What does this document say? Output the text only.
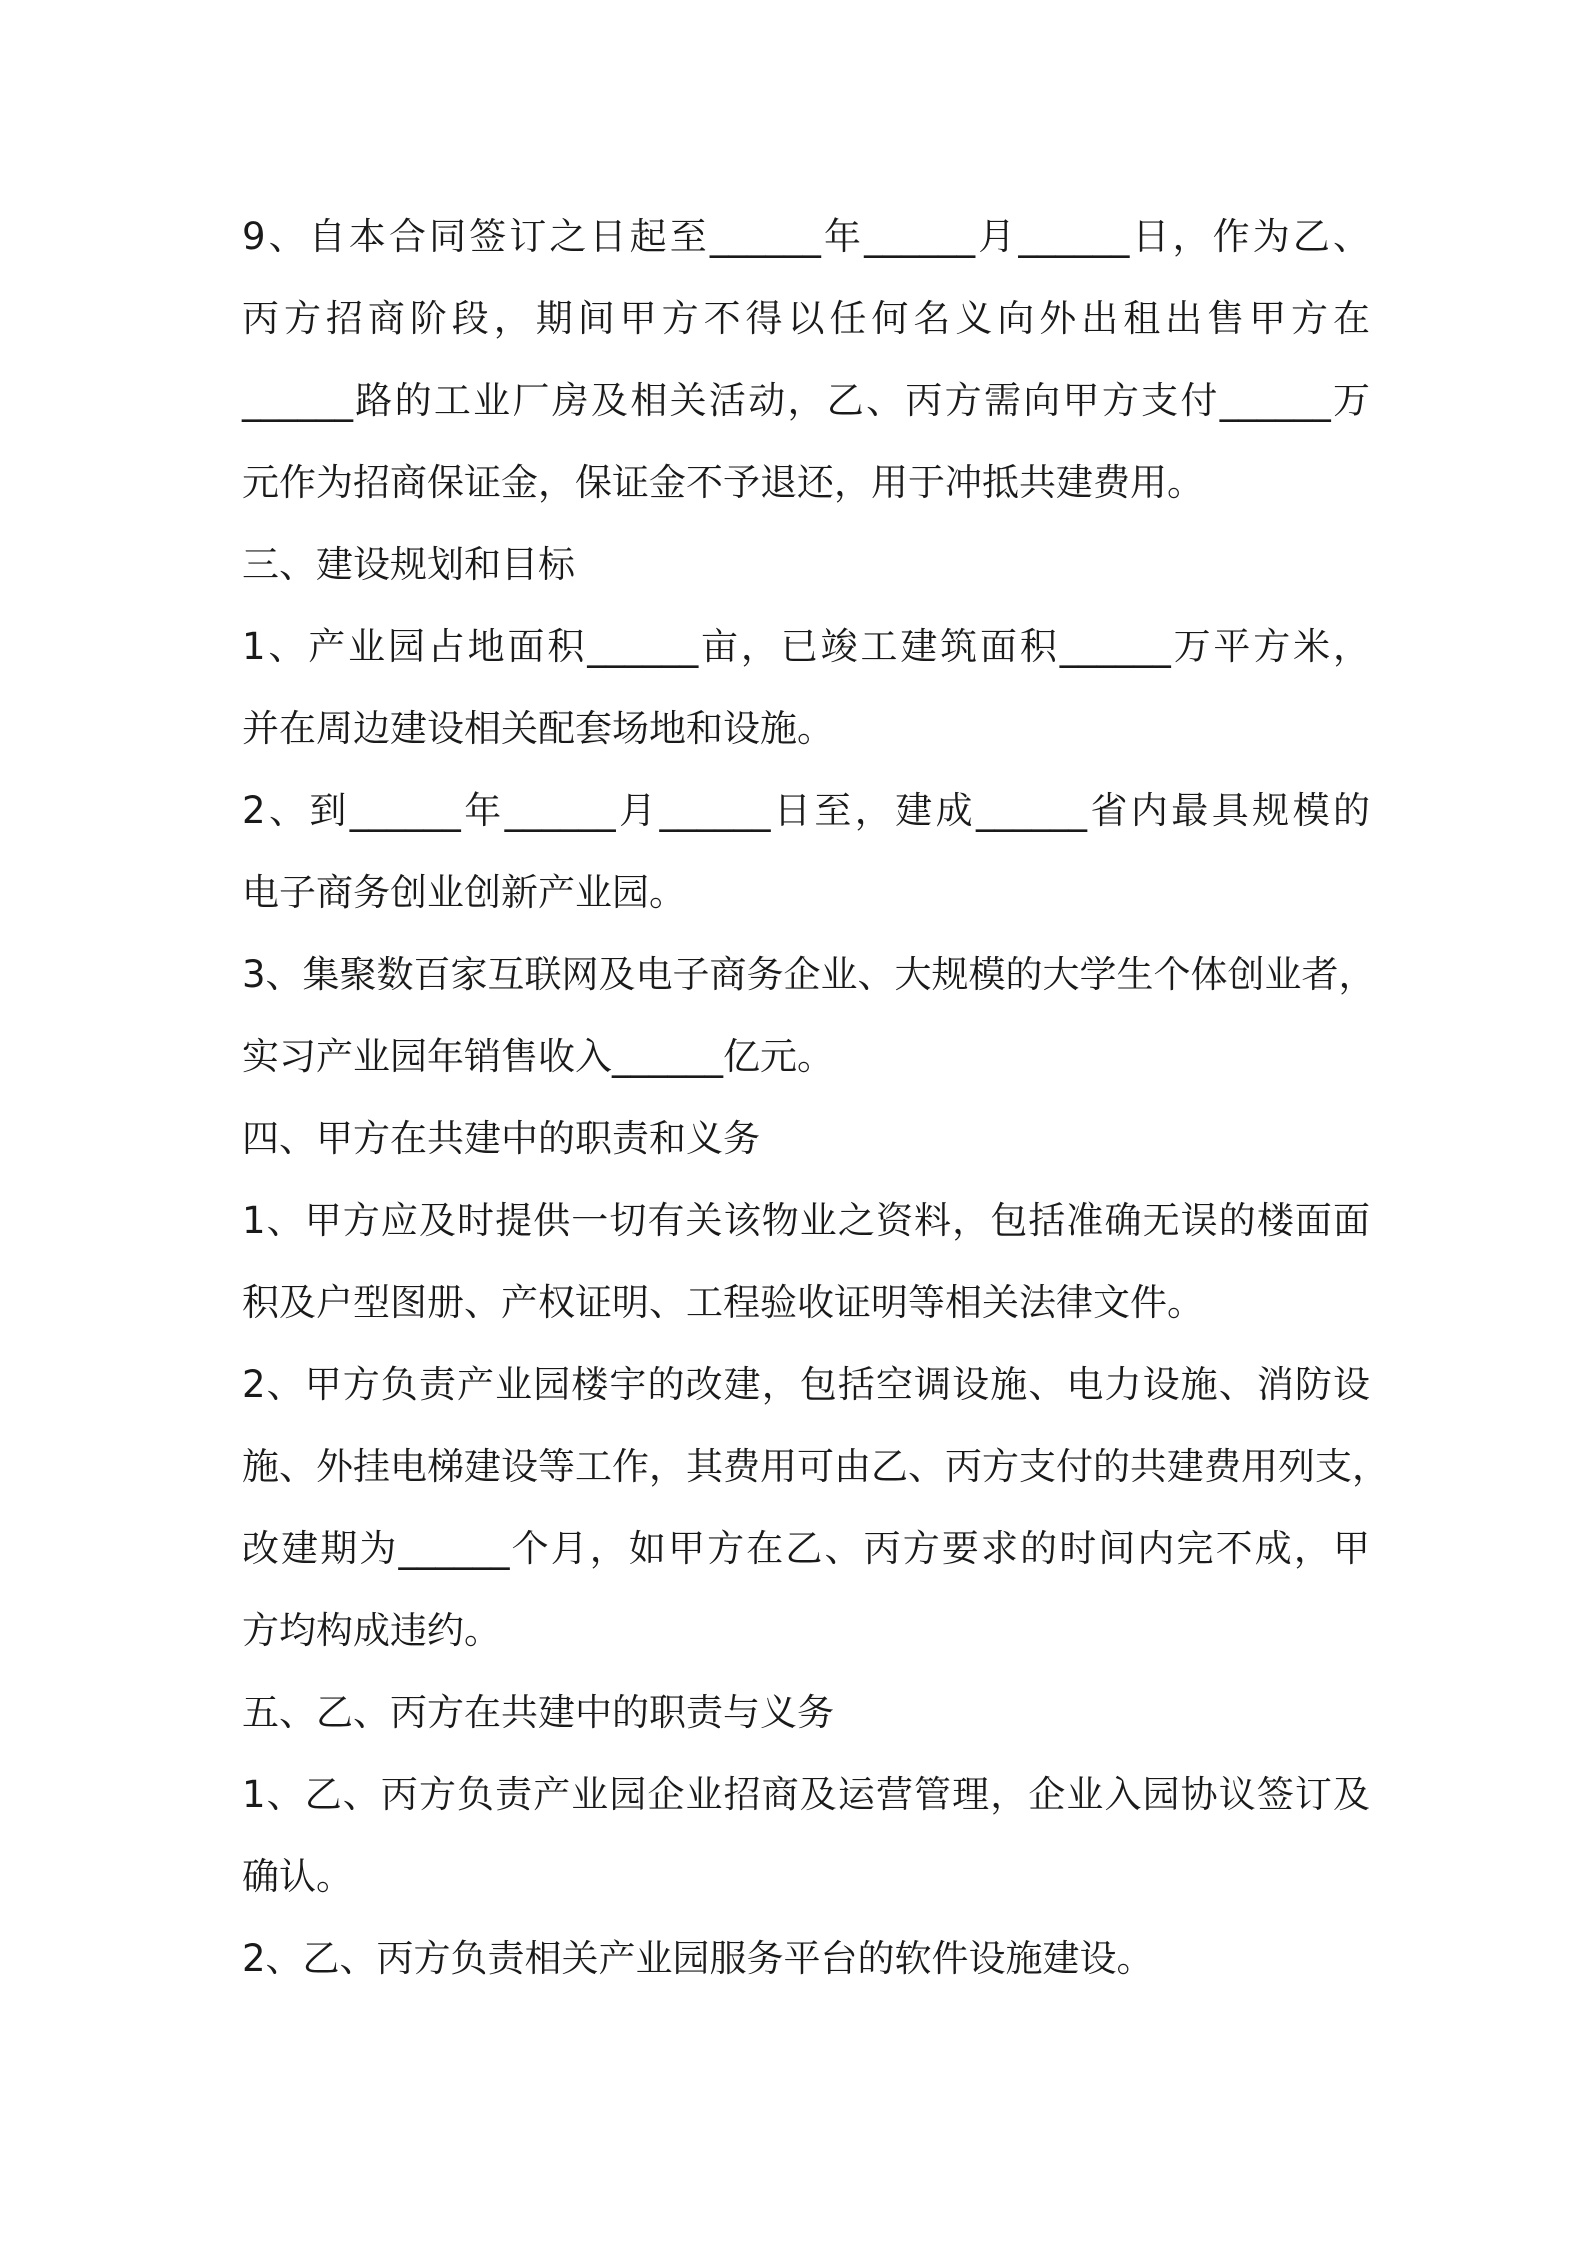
9、自本合同签订之日起至______年______月______日，作为乙、
丙方招商阶段，期间甲方不得以任何名义向外出租出售甲方在
______路的工业厂房及相关活动，乙、丙方需向甲方支付______万
元作为招商保证金，保证金不予退还，用于冲抵共建费用。
三、建设规划和目标
1、产业园占地面积______亩，已竣工建筑面积______万平方米，
并在周边建设相关配套场地和设施。
2、到______年______月______日至，建成______省内最具规模的
电子商务创业创新产业园。
3、集聚数百家互联网及电子商务企业、大规模的大学生个体创业者，
实习产业园年销售收入______亿元。
四、甲方在共建中的职责和义务
1、甲方应及时提供一切有关该物业之资料，包括准确无误的楼面面
积及户型图册、产权证明、工程验收证明等相关法律文件。
2、甲方负责产业园楼宇的改建，包括空调设施、电力设施、消防设
施、外挂电梯建设等工作，其费用可由乙、丙方支付的共建费用列支，
改建期为______个月，如甲方在乙、丙方要求的时间内完不成，甲
方均构成违约。
五、乙、丙方在共建中的职责与义务
1、乙、丙方负责产业园企业招商及运营管理，企业入园协议签订及
确认。
2、乙、丙方负责相关产业园服务平台的软件设施建设。
